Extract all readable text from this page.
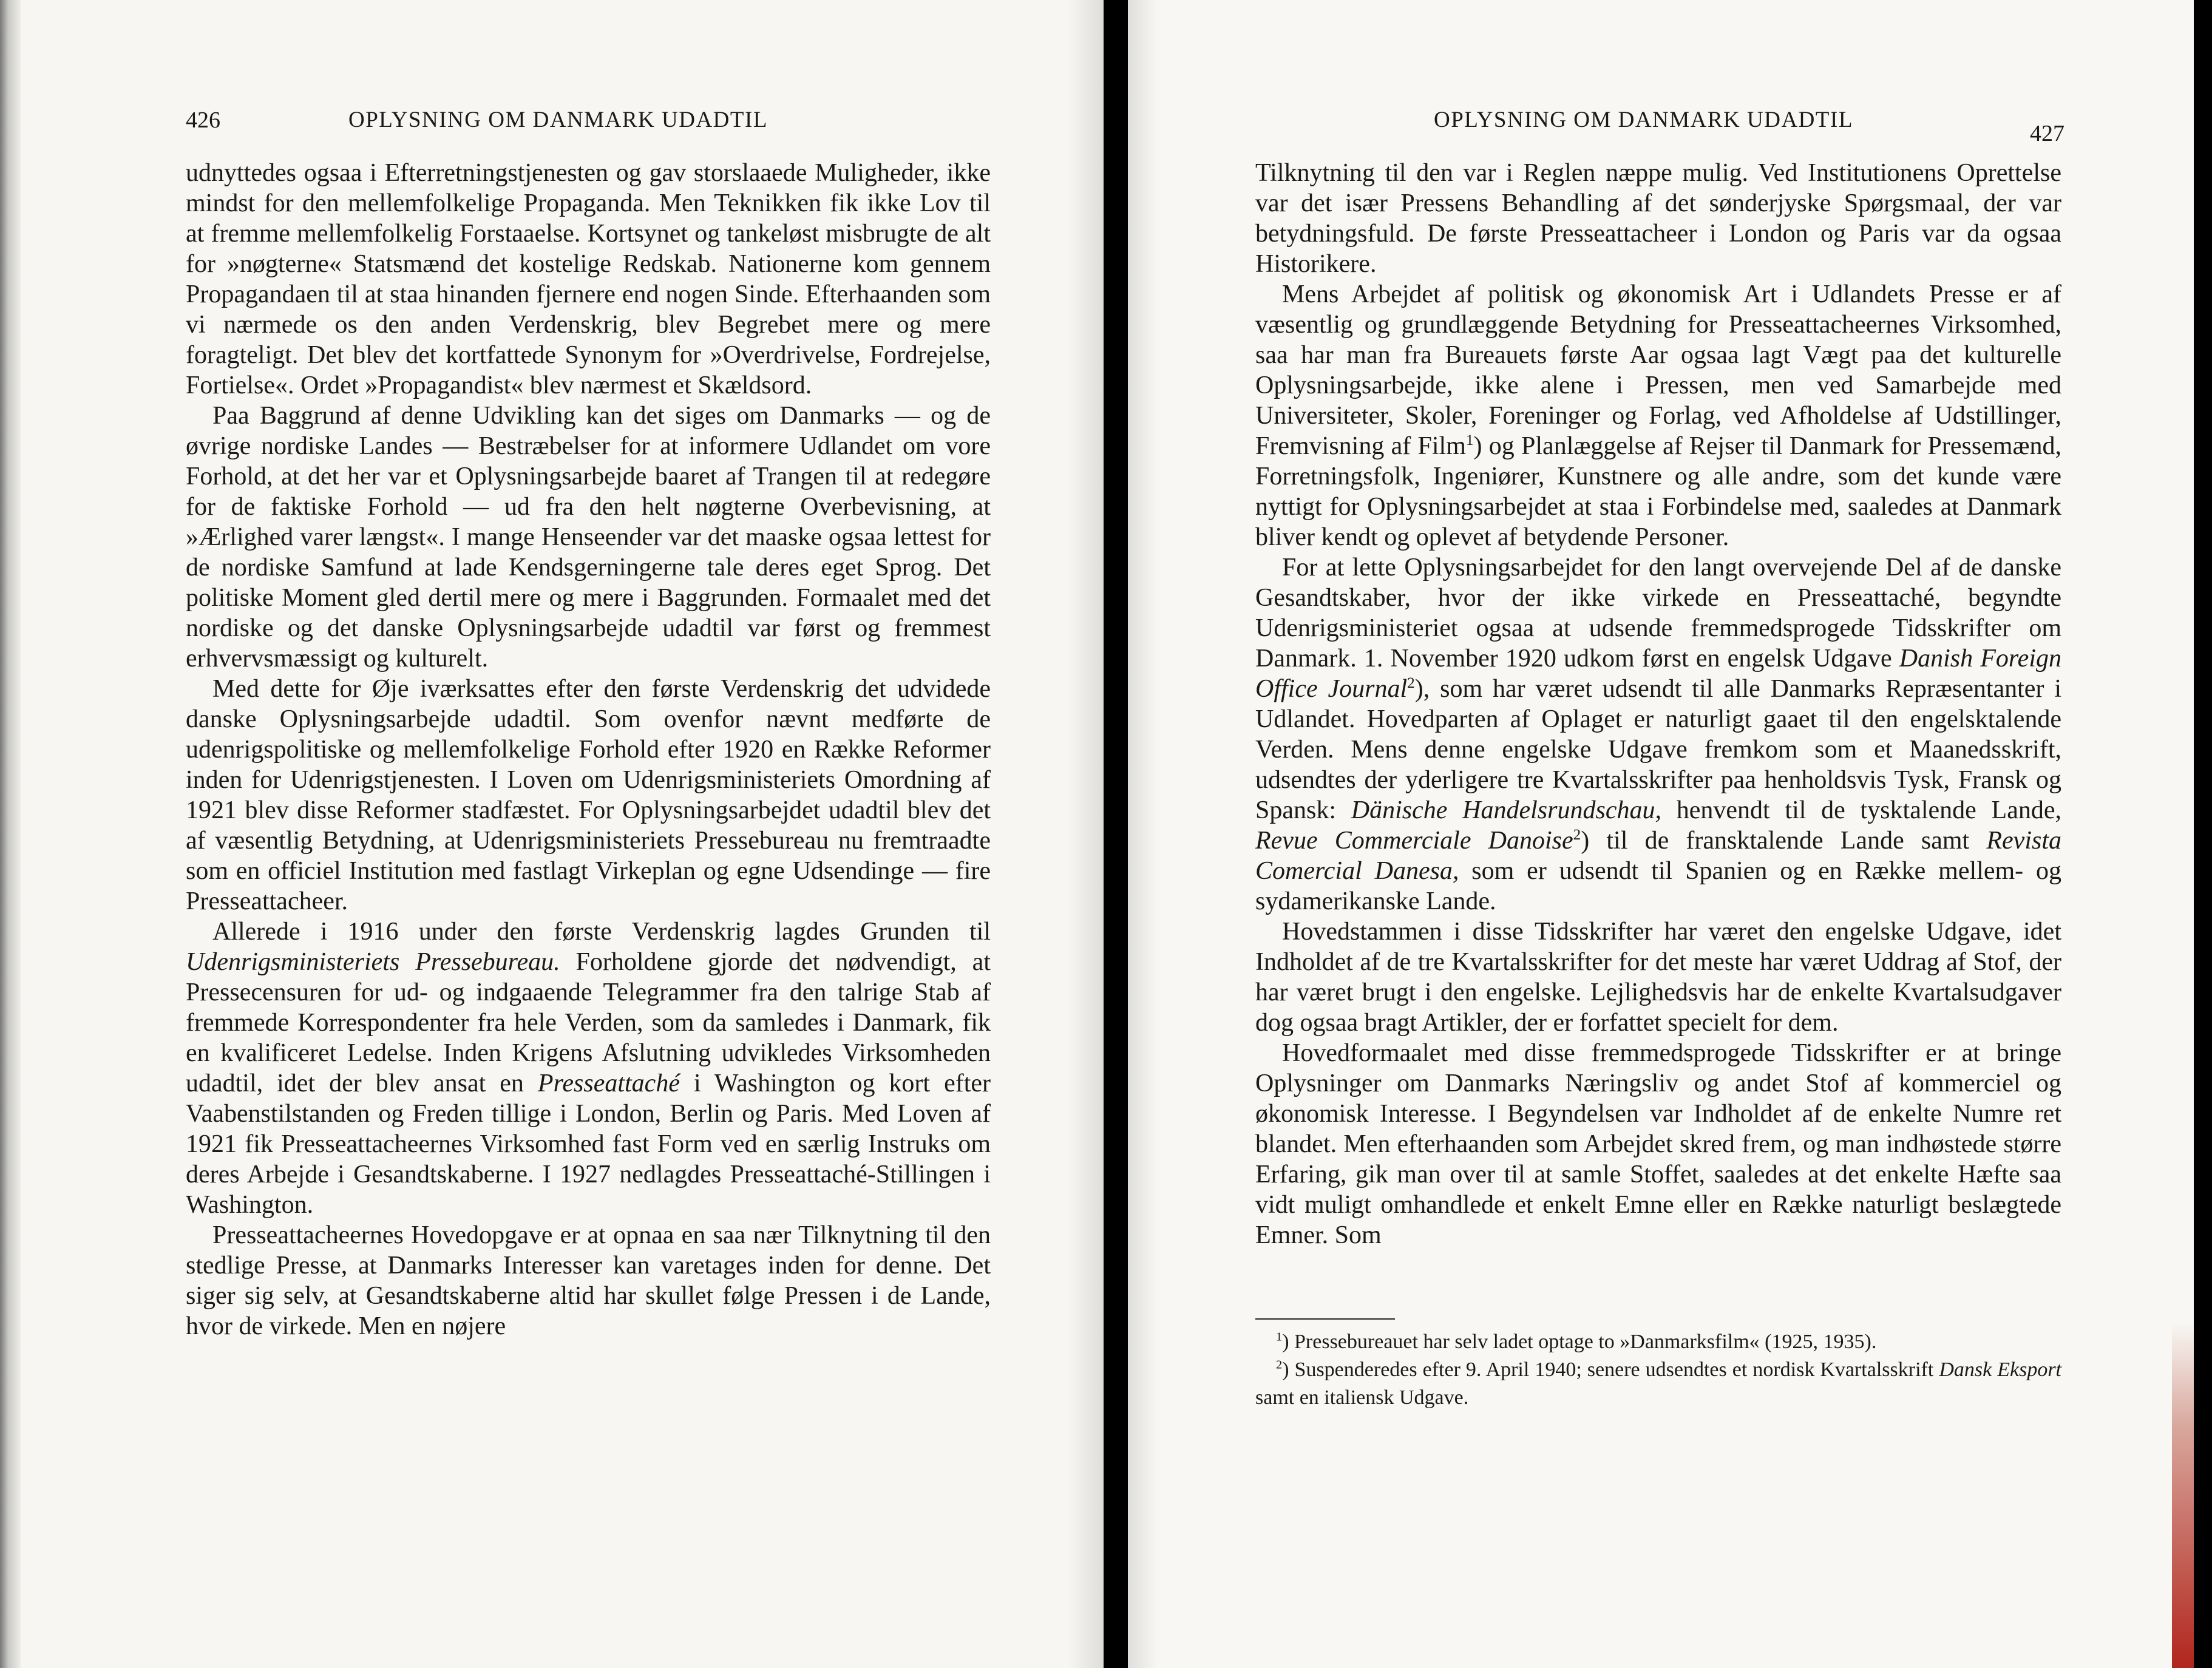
426	OPLYSNING OM DANMARK UDADTIL

udnyttedes ogsaa i Efterretningstjenesten og gav storslaaede Muligheder, ikke mindst for den mellemfolkelige Propaganda. Men Teknikken fik ikke Lov til at fremme mellemfolkelig Forstaaelse. Kortsynet og tankeløst misbrugte de alt for »nøgterne« Statsmænd det kostelige Redskab. Nationerne kom gennem Propagandaen til at staa hinanden fjernere end nogen Sinde. Efterhaanden som vi nærmede os den anden Verdenskrig, blev Begrebet mere og mere foragteligt. Det blev det kortfattede Synonym for »Overdrivelse, Fordrejelse, Fortielse«. Ordet »Propagandist« blev nærmest et Skældsord.

Paa Baggrund af denne Udvikling kan det siges om Danmarks — og de øvrige nordiske Landes — Bestræbelser for at informere Udlandet om vore Forhold, at det her var et Oplysningsarbejde baaret af Trangen til at redegøre for de faktiske Forhold — ud fra den helt nøgterne Overbevisning, at »Ærlighed varer længst«. I mange Henseender var det maaske ogsaa lettest for de nordiske Samfund at lade Kendsgerningerne tale deres eget Sprog. Det politiske Moment gled dertil mere og mere i Baggrunden. Formaalet med det nordiske og det danske Oplysningsarbejde udadtil var først og fremmest erhvervsmæssigt og kulturelt.

Med dette for Øje iværksattes efter den første Verdenskrig det udvidede danske Oplysningsarbejde udadtil. Som ovenfor nævnt medførte de udenrigspolitiske og mellemfolkelige Forhold efter 1920 en Række Reformer inden for Udenrigstjenesten. I Loven om Udenrigsministeriets Omordning af 1921 blev disse Reformer stadfæstet. For Oplysningsarbejdet udadtil blev det af væsentlig Betydning, at Udenrigsministeriets Pressebureau nu fremtraadte som en officiel Institution med fastlagt Virkeplan og egne Udsendinge — fire Presseattacheer.

Allerede i 1916 under den første Verdenskrig lagdes Grunden til Udenrigsministeriets Pressebureau. Forholdene gjorde det nødvendigt, at Pressecensuren for ud- og indgaaende Telegrammer fra den talrige Stab af fremmede Korrespondenter fra hele Verden, som da samledes i Danmark, fik en kvalificeret Ledelse. Inden Krigens Afslutning udvikledes Virksomheden udadtil, idet der blev ansat en Presseattaché i Washington og kort efter Vaabenstilstanden og Freden tillige i London, Berlin og Paris. Med Loven af 1921 fik Presseattacheernes Virksomhed fast Form ved en særlig Instruks om deres Arbejde i Gesandtskaberne. I 1927 nedlagdes Presseattaché-Stillingen i Washington.

Presseattacheernes Hovedopgave er at opnaa en saa nær Tilknytning til den stedlige Presse, at Danmarks Interesser kan varetages inden for denne. Det siger sig selv, at Gesandtskaberne altid har skullet følge Pressen i de Lande, hvor de virkede. Men en nøjere

OPLYSNING OM DANMARK UDADTIL
427

Tilknytning til den var i Reglen næppe mulig. Ved Institutionens Oprettelse var det især Pressens Behandling af det sønderjyske Spørgsmaal, der var betydningsfuld. De første Presseattacheer i London og Paris var da ogsaa Historikere.

Mens Arbejdet af politisk og økonomisk Art i Udlandets Presse er af væsentlig og grundlæggende Betydning for Presseattacheernes Virksomhed, saa har man fra Bureauets første Aar ogsaa lagt Vægt paa det kulturelle Oplysningsarbejde, ikke alene i Pressen, men ved Samarbejde med Universiteter, Skoler, Foreninger og Forlag, ved Afholdelse af Udstillinger, Fremvisning af Film$^1$) og Planlæggelse af Rejser til Danmark for Pressemænd, Forretningsfolk, Ingeniører, Kunstnere og alle andre, som det kunde være nyttigt for Oplysningsarbejdet at staa i Forbindelse med, saaledes at Danmark bliver kendt og oplevet af betydende Personer.

For at lette Oplysningsarbejdet for den langt overvejende Del af de danske Gesandtskaber, hvor der ikke virkede en Presseattaché, begyndte Udenrigsministeriet ogsaa at udsende fremmedsprogede Tidsskrifter om Danmark. 1. November 1920 udkom først en engelsk Udgave Danish Foreign Office Journal$^2$), som har været udsendt til alle Danmarks Repræsentanter i Udlandet. Hovedparten af Oplaget er naturligt gaaet til den engelsktalende Verden. Mens denne engelske Udgave fremkom som et Maanedsskrift, udsendtes der yderligere tre Kvartalsskrifter paa henholdsvis Tysk, Fransk og Spansk: Dänische Handelsrundschau, henvendt til de tysktalende Lande, Revue Commerciale Danoise$^2$) til de fransktalende Lande samt Revista Comercial Danesa, som er udsendt til Spanien og en Række mellem- og sydamerikanske Lande.

Hovedstammen i disse Tidsskrifter har været den engelske Udgave, idet Indholdet af de tre Kvartalsskrifter for det meste har været Uddrag af Stof, der har været brugt i den engelske. Lejlighedsvis har de enkelte Kvartalsudgaver dog ogsaa bragt Artikler, der er forfattet specielt for dem.

Hovedformaalet med disse fremmedsprogede Tidsskrifter er at bringe Oplysninger om Danmarks Næringsliv og andet Stof af kommerciel og økonomisk Interesse. I Begyndelsen var Indholdet af de enkelte Numre ret blandet. Men efterhaanden som Arbejdet skred frem, og man indhøstede større Erfaring, gik man over til at samle Stoffet, saaledes at det enkelte Hæfte saa vidt muligt omhandlede et enkelt Emne eller en Række naturligt beslægtede Emner. Som

$^1$) Pressebureauet har selv ladet optage to »Danmarksfilm« (1925, 1935).

$^2$) Suspenderedes efter 9. April 1940; senere udsendtes et nordisk Kvartalsskrift Dansk Eksport samt en italiensk Udgave.
